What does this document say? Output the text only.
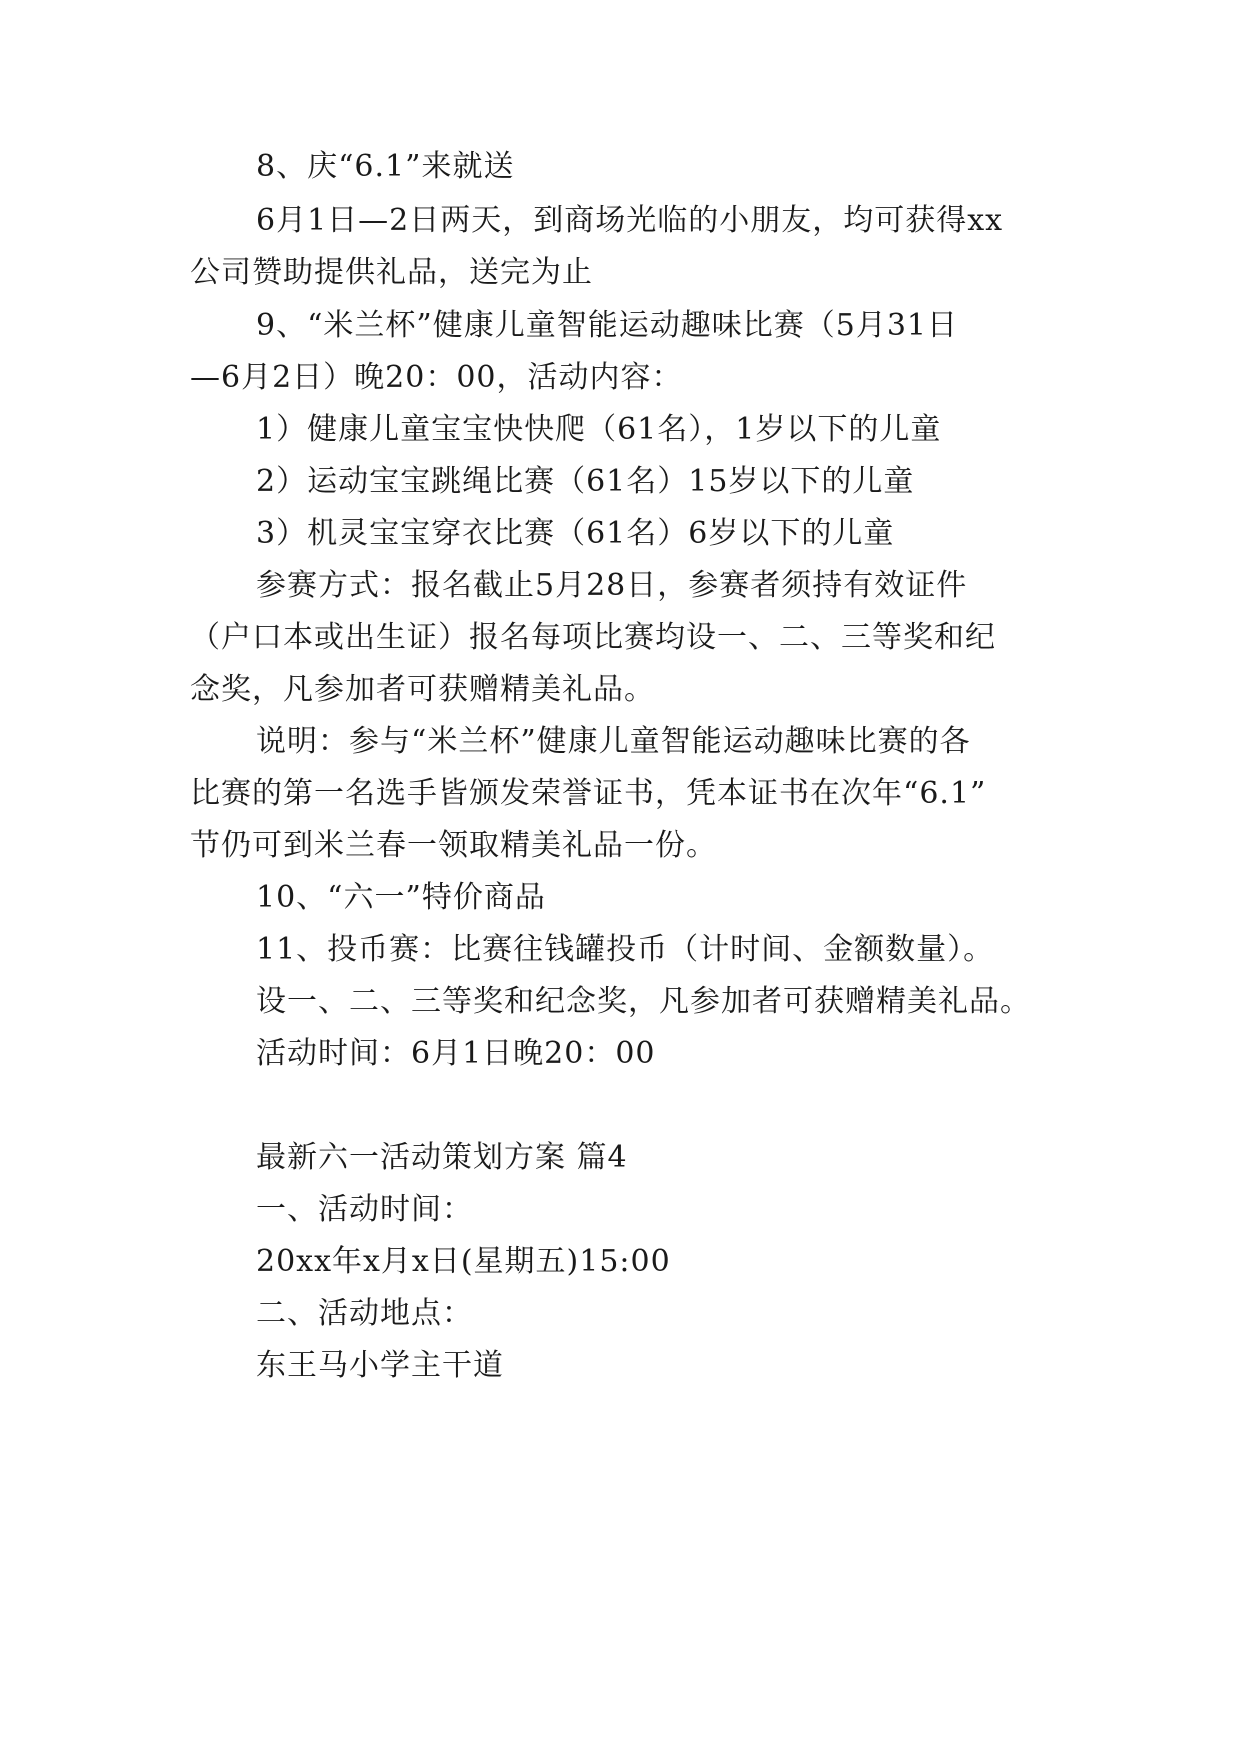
8、庆“6.1”来就送
6月1日—2日两天，到商场光临的小朋友，均可获得xx
公司赞助提供礼品，送完为止
9、“米兰杯”健康儿童智能运动趣味比赛（5月31日
—6月2日）晚20：00，活动内容：
1）健康儿童宝宝快快爬（61名），1岁以下的儿童
2）运动宝宝跳绳比赛（61名）15岁以下的儿童
3）机灵宝宝穿衣比赛（61名）6岁以下的儿童
参赛方式：报名截止5月28日，参赛者须持有效证件
（户口本或出生证）报名每项比赛均设一、二、三等奖和纪
念奖，凡参加者可获赠精美礼品。
说明：参与“米兰杯”健康儿童智能运动趣味比赛的各
比赛的第一名选手皆颁发荣誉证书，凭本证书在次年“6.1”
节仍可到米兰春一领取精美礼品一份。
10、“六一”特价商品
11、投币赛：比赛往钱罐投币（计时间、金额数量）。
设一、二、三等奖和纪念奖，凡参加者可获赠精美礼品。
活动时间：6月1日晚20：00
最新六一活动策划方案 篇4
一、活动时间：
20xx年x月x日(星期五)15:00
二、活动地点：
东王马小学主干道
